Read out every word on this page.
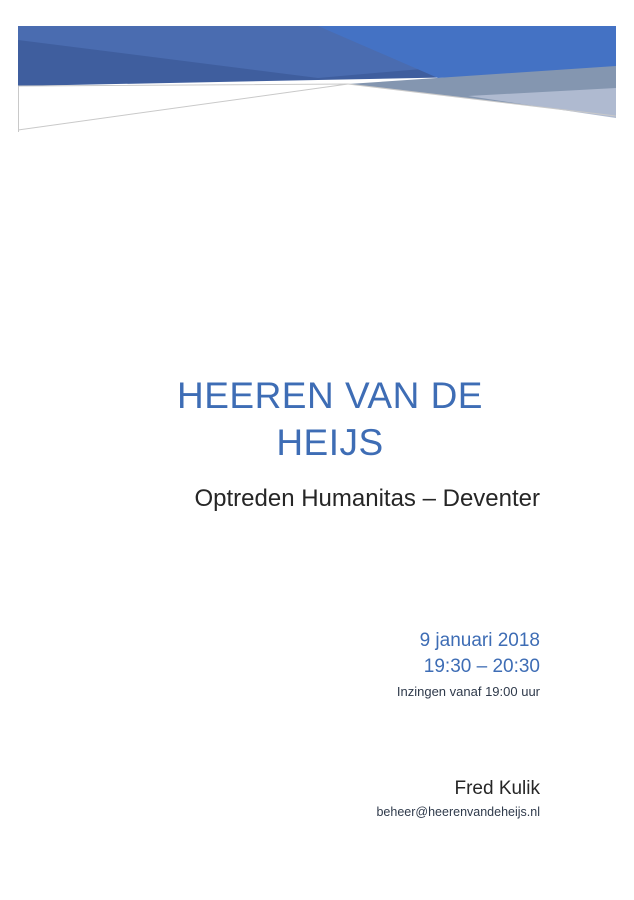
HEEREN VAN DE HEIJS

Optreden Humanitas – Deventer

9 januari 2018

19:30 – 20:30

Inzingen vanaf 19:00 uur

Fred Kulik

beheer@heerenvandeheijs.nl
